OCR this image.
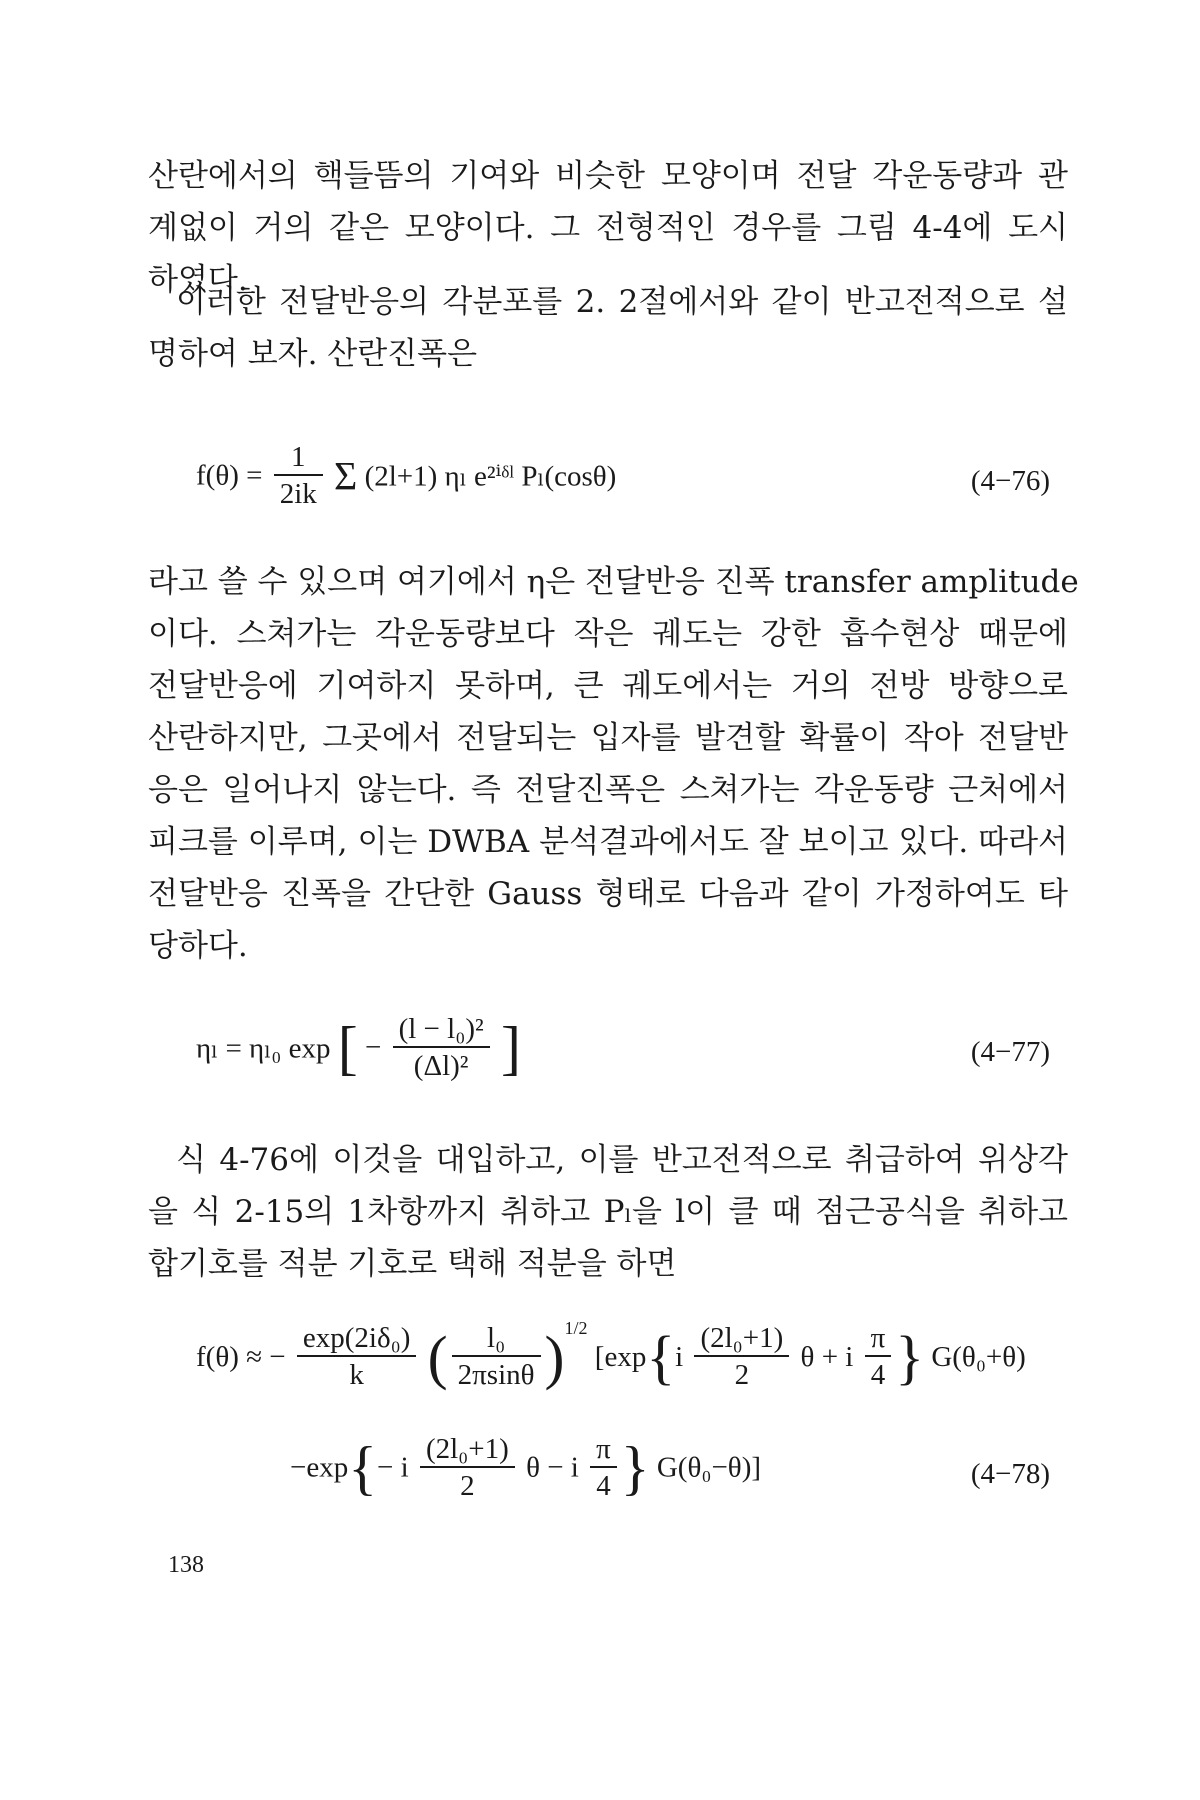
산란에서의 핵들뜸의 기여와 비슷한 모양이며 전달 각운동량과 관
계없이 거의 같은 모양이다. 그 전형적인 경우를 그림 4-4에 도시
하였다.
이러한 전달반응의 각분포를 2. 2절에서와 같이 반고전적으로 설
명하여 보자. 산란진폭은
$f(\theta) = \frac{1}{2ik}$ Σ (2l+1) ηₗ e²ⁱᵟˡ Pₗ(cosθ)	(4−76)
라고 쓸 수 있으며 여기에서 η은 전달반응 진폭 transfer amplitude
이다. 스쳐가는 각운동량보다 작은 궤도는 강한 흡수현상 때문에
전달반응에 기여하지 못하며, 큰 궤도에서는 거의 전방 방향으로
산란하지만, 그곳에서 전달되는 입자를 발견할 확률이 작아 전달반
응은 일어나지 않는다. 즉 전달진폭은 스쳐가는 각운동량 근처에서
피크를 이루며, 이는 DWBA 분석결과에서도 잘 보이고 있다. 따라서
전달반응 진폭을 간단한 Gauss 형태로 다음과 같이 가정하여도 타
당하다.
ηₗ = ηₗ₀ exp [ − $\frac{\text{(l − l₀)²}}{\text{(Δl)²}}$ ]	(4−77)
식 4-76에 이것을 대입하고, 이를 반고전적으로 취급하여 위상각
을 식 2-15의 1차항까지 취하고 Pₗ을 l이 클 때 점근공식을 취하고
합기호를 적분 기호로 택해 적분을 하면
f(θ) ≈ − $\frac{\text{exp(2iδ₀)}}{k}$ ( $\frac{\text{l₀}}{2\pi\sin\theta} )^{1/2}$ [$\exp\{i \frac{\text{(2l₀+1)}}{2}$ θ + i $\frac{\pi}{4}$ } G(θ₀+θ)
−exp{− i $\frac{\text{(2l₀+1)}}{2}$ θ − i $\frac{\pi}{4}$ } G(θ₀−θ)]	(4−78)
138
